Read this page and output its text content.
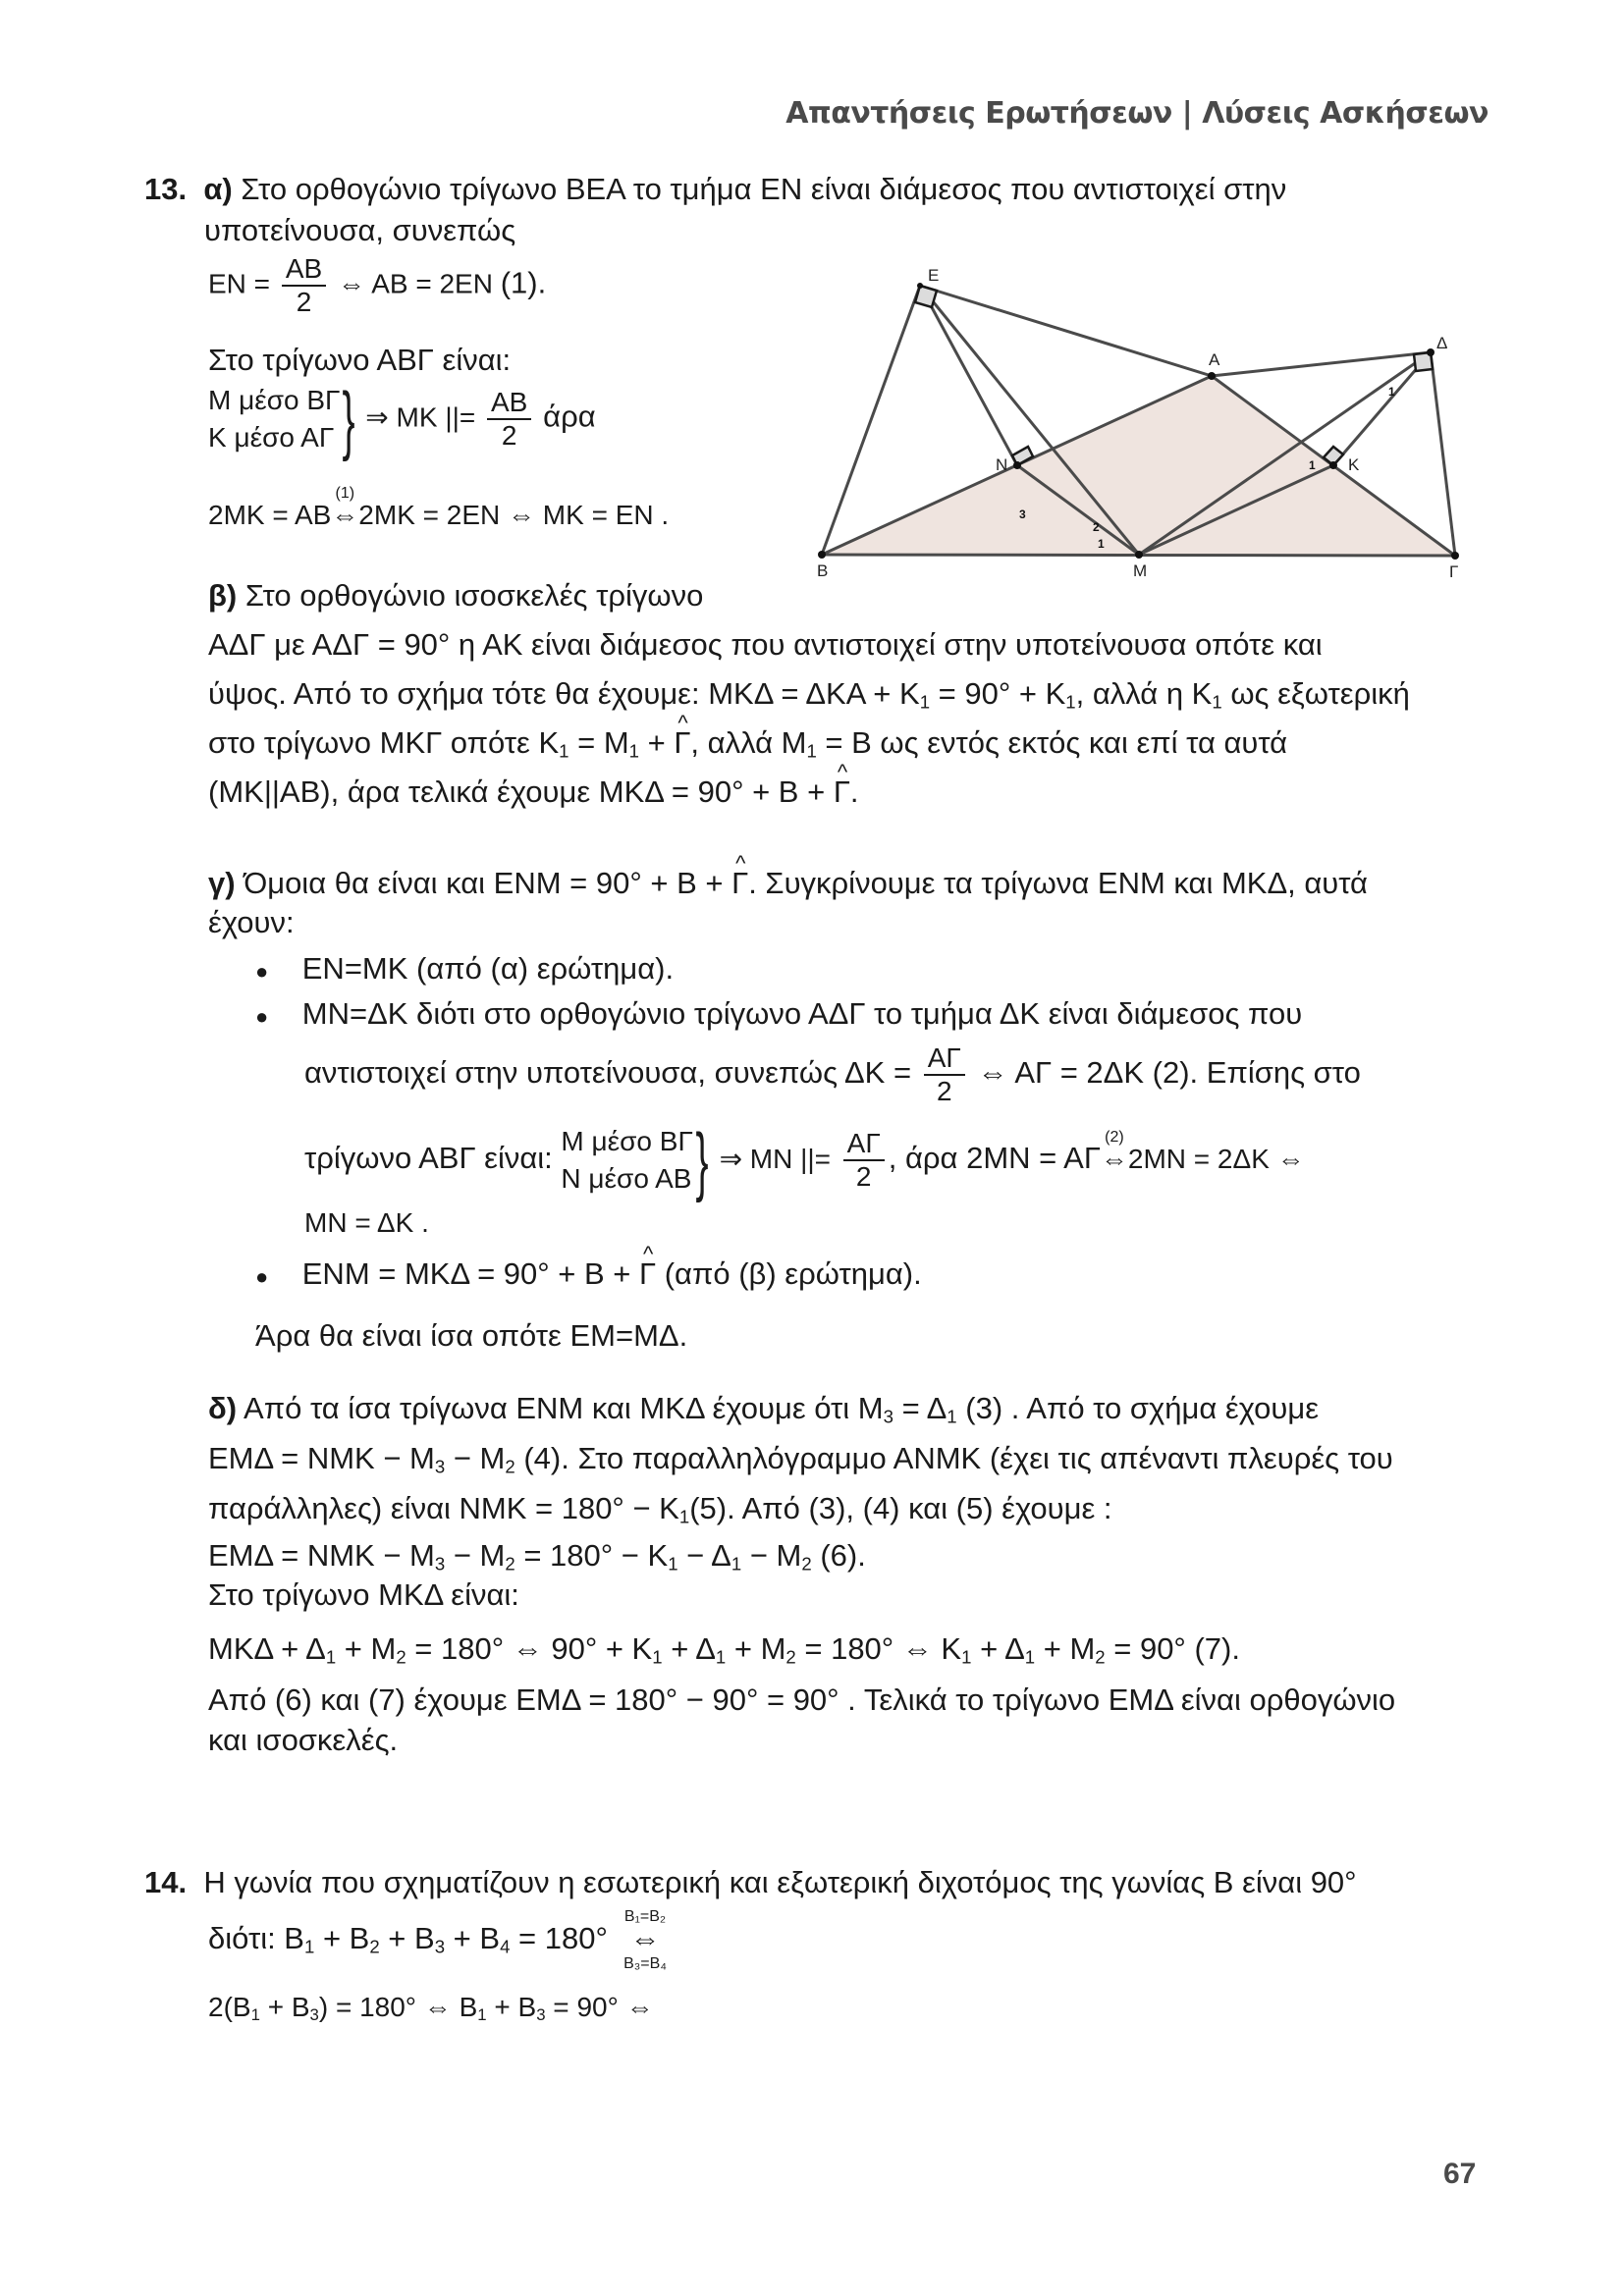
Απαντήσεις Ερωτήσεων | Λύσεις Ασκήσεων
13. α) Στο ορθογώνιο τρίγωνο ΒΕΑ το τμήμα ΕΝ είναι διάμεσος που αντιστοιχεί στην
υποτείνουσα, συνεπώς
EN = $\frac{AB}{2}$ ⇔ AB = 2EN (1).
Στο τρίγωνο ΑΒΓ είναι:
M μέσο ΒΓ
K μέσο ΑΓ } ⇒ MK ||= $\frac{AB}{2}$ άρα
2MK = AB
(1)
⇔2MK = 2EN ⇔ MK = EN .
Ε
Β	Μ	Γ
Α
Δ
Ν	Κ
3
2
1
1
1
β) Στο ορθογώνιο ισοσκελές τρίγωνο
ΑΔΓ με ΑΔΓ = 90° η ΑΚ είναι διάμεσος που αντιστοιχεί στην υποτείνουσα οπότε και
ύψος. Από το σχήμα τότε θα έχουμε: $MK\Delta = \Delta KA + K_1 = 90^\circ + K_1$, αλλά η $K_1$ ως εξωτερική
στο τρίγωνο ΜΚΓ οπότε $K_1 = M_1$ + ^ Γ, αλλά $M_1 = B$ ως εντός εκτός και επί τα αυτά
(ΜΚ||ΑΒ), άρα τελικά έχουμε ΜΚΔ = 90° + Β + ^ Γ.
γ) Όμοια θα είναι και ΕΝΜ = 90° + Β + ^ Γ. Συγκρίνουμε τα τρίγωνα ΕΝΜ και ΜΚΔ, αυτά
έχουν:
● ΕΝ=ΜΚ (από (α) ερώτημα).
● ΜΝ=ΔΚ διότι στο ορθογώνιο τρίγωνο ΑΔΓ το τμήμα ΔΚ είναι διάμεσος που
αντιστοιχεί στην υποτείνουσα, συνεπώς $\Delta K = \frac{A\Gamma}{2}$ ⇔ ΑΓ = 2ΔΚ (2). Επίσης στο
τρίγωνο ΑΒΓ είναι: Μ μέσο ΒΓ
Ν μέσο ΑΒ } ⇒ ΜΝ ||= $\frac{A\Gamma}{2}$ , άρα 2ΜΝ = ΑΓ
(2)
⇔2ΜΝ = 2ΔΚ ⇔
ΜΝ = ΔΚ .
● ΕΝΜ = ΜΚΔ = 90° + Β + ^ Γ (από (β) ερώτημα).
Άρα θα είναι ίσα οπότε ΕΜ=ΜΔ.
δ) Από τα ίσα τρίγωνα ΕΝΜ και ΜΚΔ έχουμε ότι $M_3 = \Delta_1$ (3) . Από το σχήμα έχουμε
$EM\Delta = NMK - M_3 - M_2$ (4). Στο παραλληλόγραμμο ΑΝΜΚ (έχει τις απέναντι πλευρές του
παράλληλες) είναι $NMK = 180^\circ - K_1(5)$. Από (3), (4) και (5) έχουμε :
$EM\Delta = NMK - M_3 - M_2 = 180^\circ - K_1 - \Delta_1 - M_2$ (6).
Στο τρίγωνο ΜΚΔ είναι:
$MK\Delta + \Delta_1 + M_2 = 180^\circ$ ⇔ $90^\circ + K_1 + \Delta_1 + M_2 = 180^\circ$ ⇔ $K_1 + \Delta_1 + M_2 = 90^\circ$ (7).
Από (6) και (7) έχουμε ΕΜΔ = 180° − 90° = 90° . Τελικά το τρίγωνο ΕΜΔ είναι ορθογώνιο
και ισοσκελές.
14. Η γωνία που σχηματίζουν η εσωτερική και εξωτερική διχοτόμος της γωνίας Β είναι 90°
διότι: $B_1 + B_2 + B_3 + B_4 = 180^\circ$
Β₁=Β₂
⇔
Β₃=Β₄
$2(B_1 + B_3) = 180^\circ$ ⇔ $B_1 + B_3 = 90^\circ$ ⇔
67
